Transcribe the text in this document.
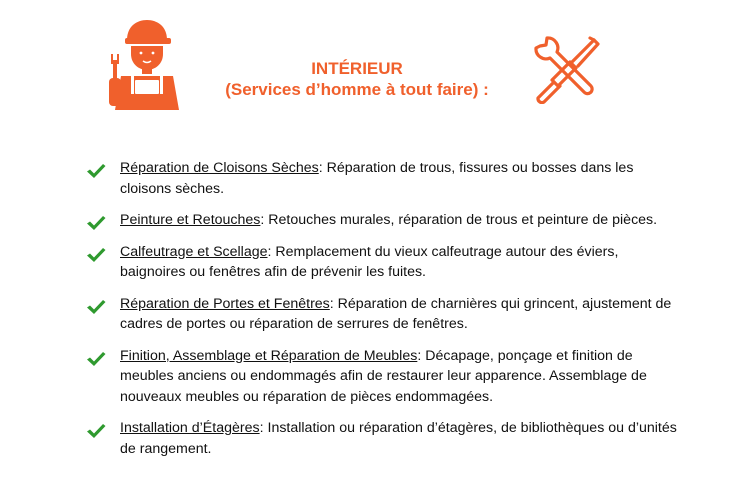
INTÉRIEUR
(Services d’homme à tout faire) :
Réparation de Cloisons Sèches: Réparation de trous, fissures ou bosses dans les cloisons sèches.
Peinture et Retouches: Retouches murales, réparation de trous et peinture de pièces.
Calfeutrage et Scellage: Remplacement du vieux calfeutrage autour des éviers, baignoires ou fenêtres afin de prévenir les fuites.
Réparation de Portes et Fenêtres: Réparation de charnières qui grincent, ajustement de cadres de portes ou réparation de serrures de fenêtres.
Finition, Assemblage et Réparation de Meubles: Décapage, ponçage et finition de meubles anciens ou endommagés afin de restaurer leur apparence. Assemblage de nouveaux meubles ou réparation de pièces endommagées.
Installation d’Étagères: Installation ou réparation d’étagères, de bibliothèques ou d’unités de rangement.
